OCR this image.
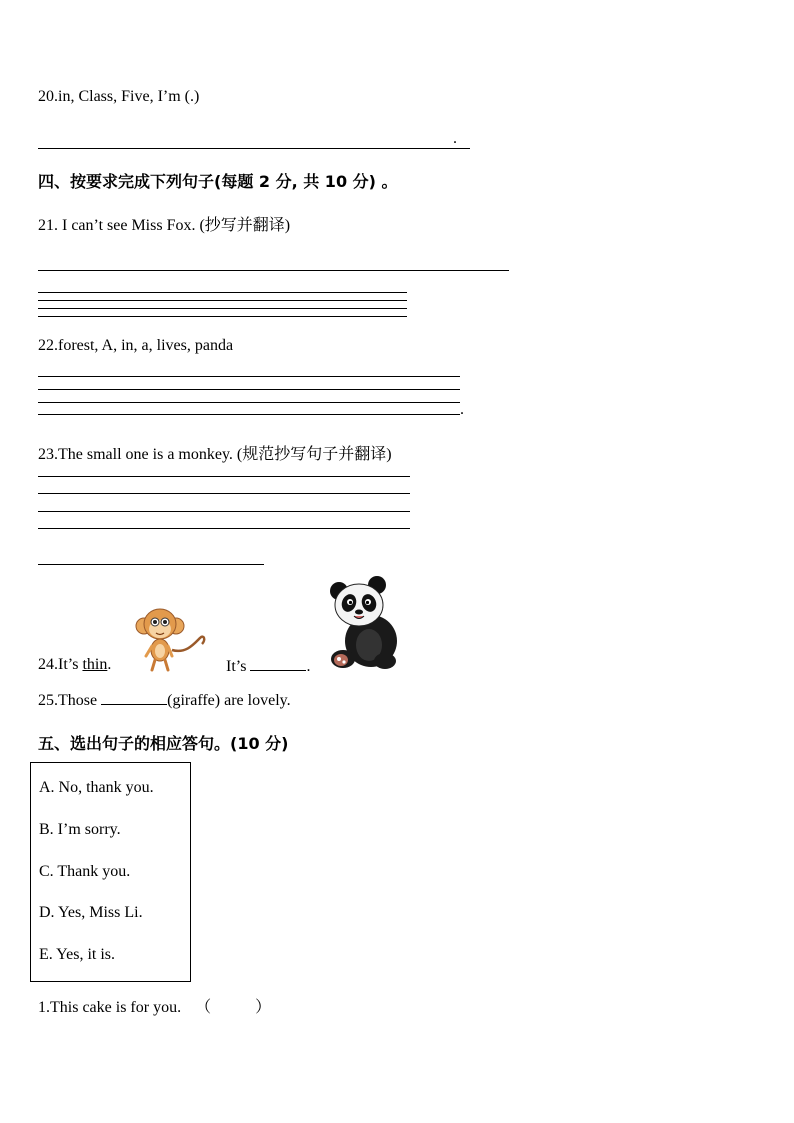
20.in, Class, Five, I’m (.)
.
四、按要求完成下列句子(每题 2 分, 共 10 分) 。
21. I can’t see Miss Fox. (抄写并翻译)
22.forest, A, in, a, lives, panda
.
23.The small one is a monkey. (规范抄写句子并翻译)
24.It’s thin.	It’s	.
25.Those	(giraffe) are lovely.
五、选出句子的相应答句。(10 分)
A. No, thank you.
B. I’m sorry.
C. Thank you.
D. Yes, Miss Li.
E. Yes, it is.
1.This cake is for you. （	）
